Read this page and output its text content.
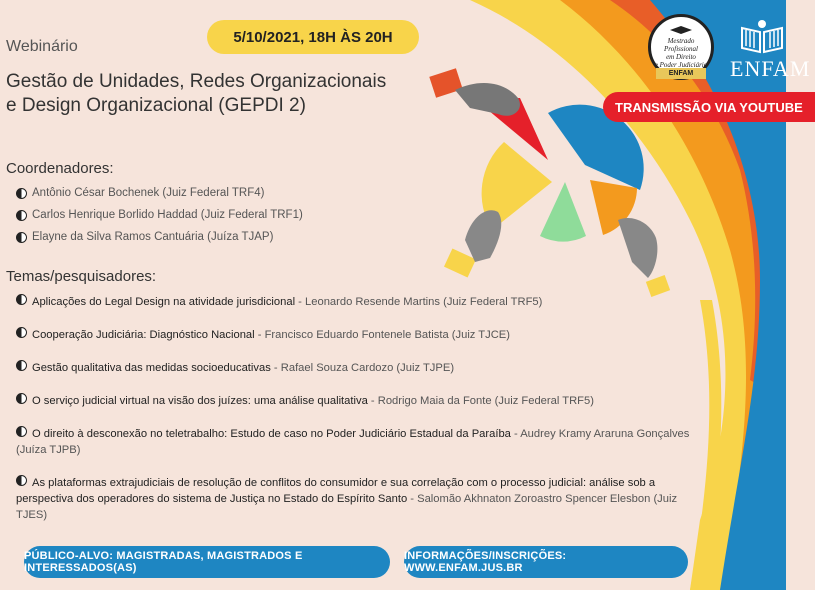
Webinário
Gestão de Unidades, Redes Organizacionais
e Design Organizacional (GEPDI 2)
5/10/2021, 18H ÀS 20H
TRANSMISSÃO VIA YOUTUBE
Mestrado
Profissional
em Direito
e Poder Judiciário
ENFAM	ENFAM
Coordenadores:
Antônio César Bochenek (Juiz Federal TRF4)
Carlos Henrique Borlido Haddad (Juiz Federal TRF1)
Elayne da Silva Ramos Cantuária (Juíza TJAP)
Temas/pesquisadores:
Aplicações do Legal Design na atividade jurisdicional - Leonardo Resende Martins (Juiz Federal TRF5)
Cooperação Judiciária: Diagnóstico Nacional - Francisco Eduardo Fontenele Batista (Juiz TJCE)
Gestão qualitativa das medidas socioeducativas - Rafael Souza Cardozo (Juiz TJPE)
O serviço judicial virtual na visão dos juízes: uma análise qualitativa - Rodrigo Maia da Fonte (Juiz Federal TRF5)
O direito à desconexão no teletrabalho: Estudo de caso no Poder Judiciário Estadual da Paraíba - Audrey Kramy Araruna Gonçalves (Juíza TJPB)
As plataformas extrajudiciais de resolução de conflitos do consumidor e sua correlação com o processo judicial: análise sob a perspectiva dos operadores do sistema de Justiça no Estado do Espírito Santo - Salomão Akhnaton Zoroastro Spencer Elesbon (Juiz TJES)
PÚBLICO-ALVO: MAGISTRADAS, MAGISTRADOS E INTERESSADOS(AS)
INFORMAÇÕES/INSCRIÇÕES: WWW.ENFAM.JUS.BR
